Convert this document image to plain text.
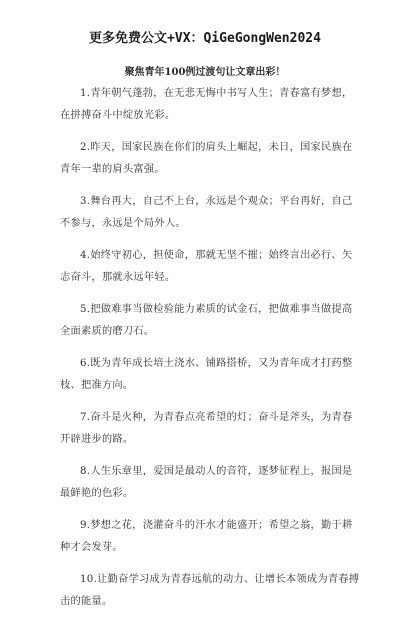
更多免费公文+VX：QiGeGongWen2024
聚焦青年100例过渡句让文章出彩！

1.青年朝气蓬勃，在无悲无悔中书写人生；青春富有梦想，在拼搏奋斗中绽放光彩。

2.昨天，国家民族在你们的肩头上崛起，未日，国家民族在青年一辈的肩头富强。

3.舞台再大，自己不上台，永远是个观众；平台再好，自己不参与，永远是个局外人。

4.始终守初心，担使命，那就无坚不摧；始终言出必行、矢志奋斗，那就永远年轻。

5.把做难事当做检验能力素质的试金石，把做难事当做提高全面素质的磨刀石。

6.既为青年成长培土浇水、铺路搭桥，又为青年成才打药整枝、把准方向。

7.奋斗是火种，为青春点亮希望的灯；奋斗是斧头，为青春开辟进步的路。

8.人生乐章里，爱国是最动人的音符，逐梦征程上，报国是最鲜艳的色彩。

9.梦想之花，浇灌奋斗的汗水才能盛开；希望之翁，勤于耕种才会发芽。

10.让勤奋学习成为青春远航的动力、让增长本领成为青春搏击的能量。
